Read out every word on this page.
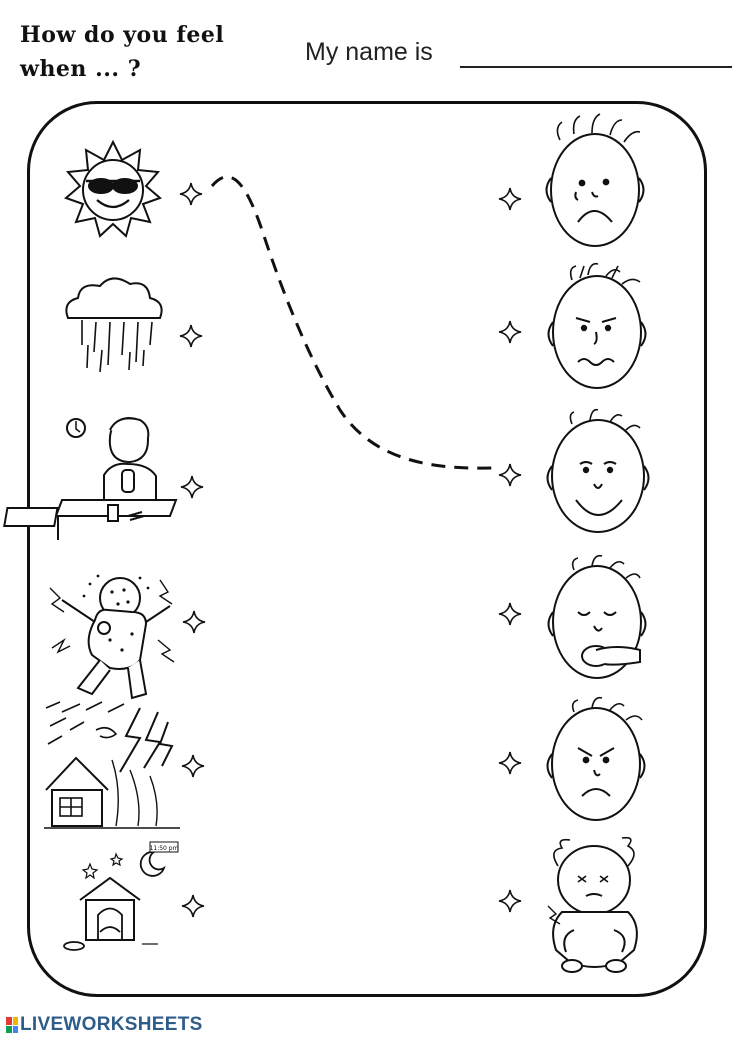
How do you feel
when ... ?
My name is
11:50 pm
LIVEWORKSHEETS
